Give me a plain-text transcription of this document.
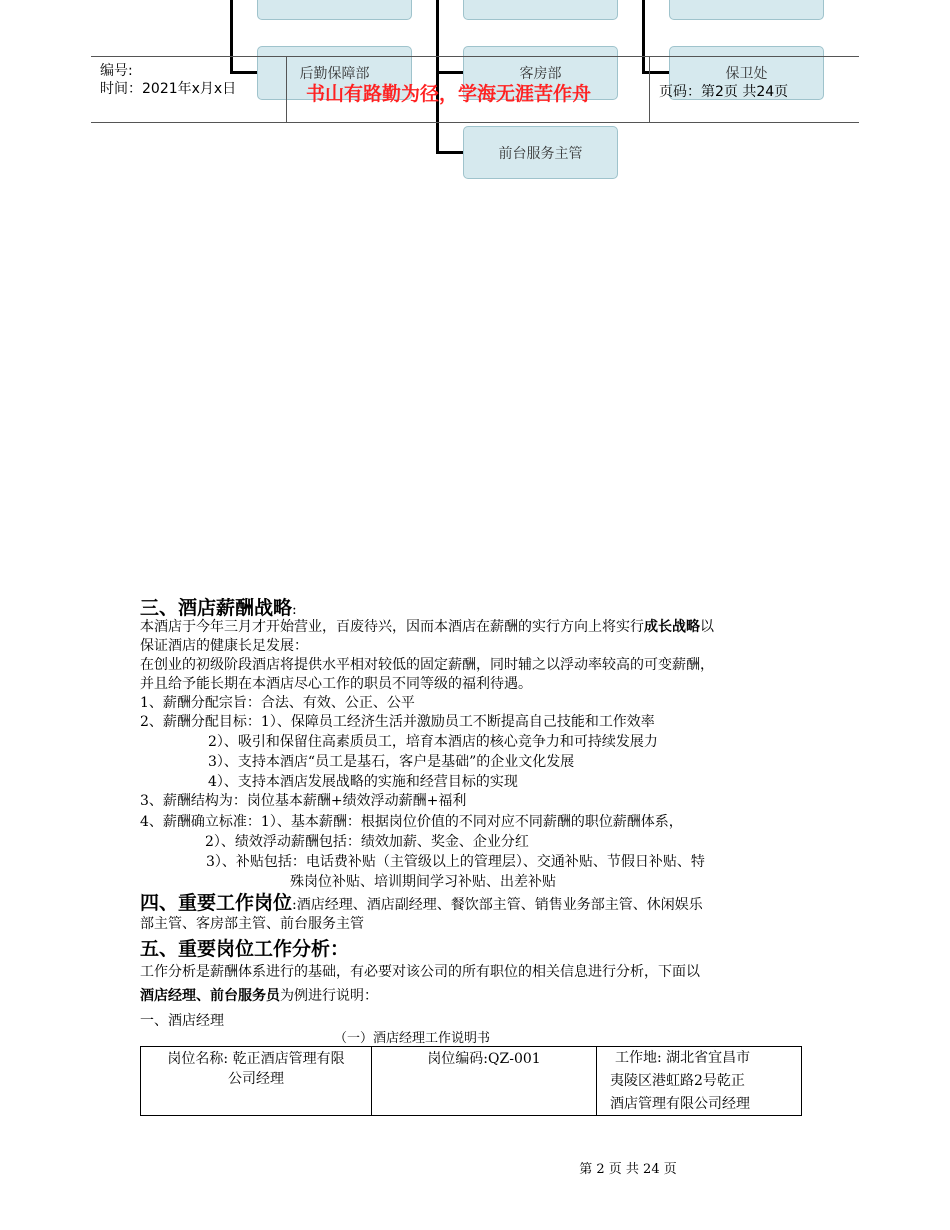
后勤保障部	客房部	保卫处
前台服务主管
编号:
时间：2021年x月x日	书山有路勤为径，学海无涯苦作舟	页码：第2页 共24页
三、酒店薪酬战略:
本酒店于今年三月才开始营业，百废待兴，因而本酒店在薪酬的实行方向上将实行成长战略以
保证酒店的健康长足发展：
在创业的初级阶段酒店将提供水平相对较低的固定薪酬，同时辅之以浮动率较高的可变薪酬，
并且给予能长期在本酒店尽心工作的职员不同等级的福利待遇。
1、薪酬分配宗旨：合法、有效、公正、公平
2、薪酬分配目标：1）、保障员工经济生活并激励员工不断提高自己技能和工作效率
2）、吸引和保留住高素质员工，培育本酒店的核心竞争力和可持续发展力
3）、支持本酒店“员工是基石，客户是基础”的企业文化发展
4）、支持本酒店发展战略的实施和经营目标的实现
3、薪酬结构为：岗位基本薪酬+绩效浮动薪酬+福利
4、薪酬确立标准：1）、基本薪酬：根据岗位价值的不同对应不同薪酬的职位薪酬体系，
2）、绩效浮动薪酬包括：绩效加薪、奖金、企业分红
3）、补贴包括：电话费补贴（主管级以上的管理层）、交通补贴、节假日补贴、特
殊岗位补贴、培训期间学习补贴、出差补贴
四、重要工作岗位:酒店经理、酒店副经理、餐饮部主管、销售业务部主管、休闲娱乐
部主管、客房部主管、前台服务主管
五、重要岗位工作分析：
工作分析是薪酬体系进行的基础，有必要对该公司的所有职位的相关信息进行分析，下面以
酒店经理、前台服务员为例进行说明：
一、酒店经理
（一）酒店经理工作说明书
岗位名称: 乾正酒店管理有限
公司经理
岗位编码:QZ-001	工作地: 湖北省宜昌市
夷陵区港虹路2号乾正
酒店管理有限公司经理
第 2 页 共 24 页
